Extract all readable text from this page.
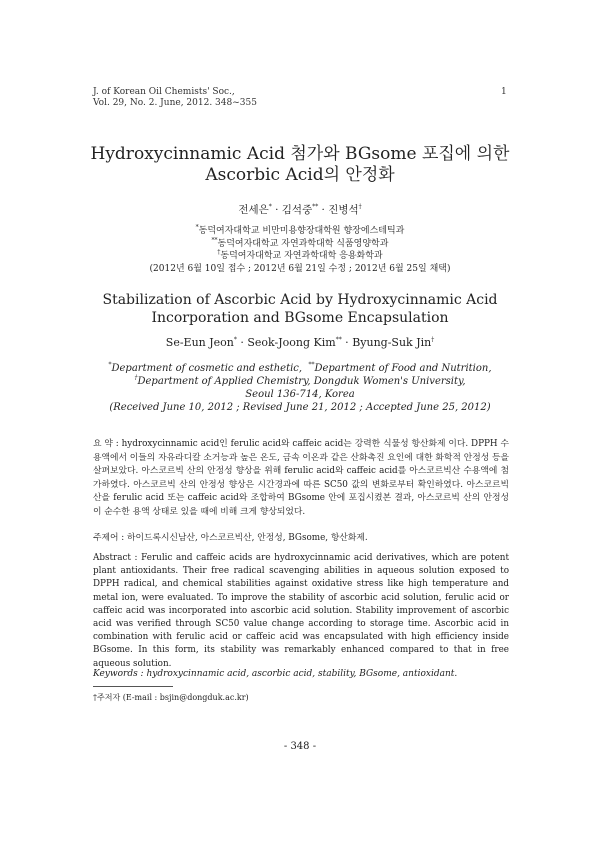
J. of Korean Oil Chemists' Soc.,
Vol. 29, No. 2. June, 2012. 348~355
1
Hydroxycinnamic Acid 첨가와 BGsome 포집에 의한
Ascorbic Acid의 안정화
전세은* · 김석중** · 진병석†
*동덕여자대학교 비만미용향장대학원 향장에스테틱과
**동덕여자대학교 자연과학대학 식품영양학과
†동덕여자대학교 자연과학대학 응용화학과
(2012년 6월 10일 접수 ; 2012년 6월 21일 수정 ; 2012년 6월 25일 채택)
Stabilization of Ascorbic Acid by Hydroxycinnamic Acid
Incorporation and BGsome Encapsulation
Se-Eun Jeon* · Seok-Joong Kim** · Byung-Suk Jin†
*Department of cosmetic and esthetic, **Department of Food and Nutrition,
†Department of Applied Chemistry, Dongduk Women's University,
Seoul 136-714, Korea
(Received June 10, 2012 ; Revised June 21, 2012 ; Accepted June 25, 2012)
요 약 : hydroxycinnamic acid인 ferulic acid와 caffeic acid는 강력한 식물성 항산화제 이다. DPPH 수용액에서 이들의 자유라디칼 소거능과 높은 온도, 금속 이온과 같은 산화촉진 요인에 대한 화학적 안정성 등을 살펴보았다. 아스코르빅 산의 안정성 향상을 위해 ferulic acid와 caffeic acid를 아스코르빅산 수용액에 첨가하였다. 아스코르빅 산의 안정성 향상은 시간경과에 따른 SC50 값의 변화로부터 확인하였다. 아스코르빅 산을 ferulic acid 또는 caffeic acid와 조합하여 BGsome 안에 포집시켰본 결과, 아스코르빅 산의 안정성이 순수한 용액 상태로 있을 때에 비해 크게 향상되었다.
주제어 : 하이드록시신남산, 아스코르빅산, 안정성, BGsome, 항산화제.
Abstract : Ferulic and caffeic acids are hydroxycinnamic acid derivatives, which are potent plant antioxidants. Their free radical scavenging abilities in aqueous solution exposed to DPPH radical, and chemical stabilities against oxidative stress like high temperature and metal ion, were evaluated. To improve the stability of ascorbic acid solution, ferulic acid or caffeic acid was incorporated into ascorbic acid solution. Stability improvement of ascorbic acid was verified through SC50 value change according to storage time. Ascorbic acid in combination with ferulic acid or caffeic acid was encapsulated with high efficiency inside BGsome. In this form, its stability was remarkably enhanced compared to that in free aqueous solution.
Keywords : hydroxycinnamic acid, ascorbic acid, stability, BGsome, antioxidant.
†주저자 (E-mail : bsjin@dongduk.ac.kr)
- 348 -
